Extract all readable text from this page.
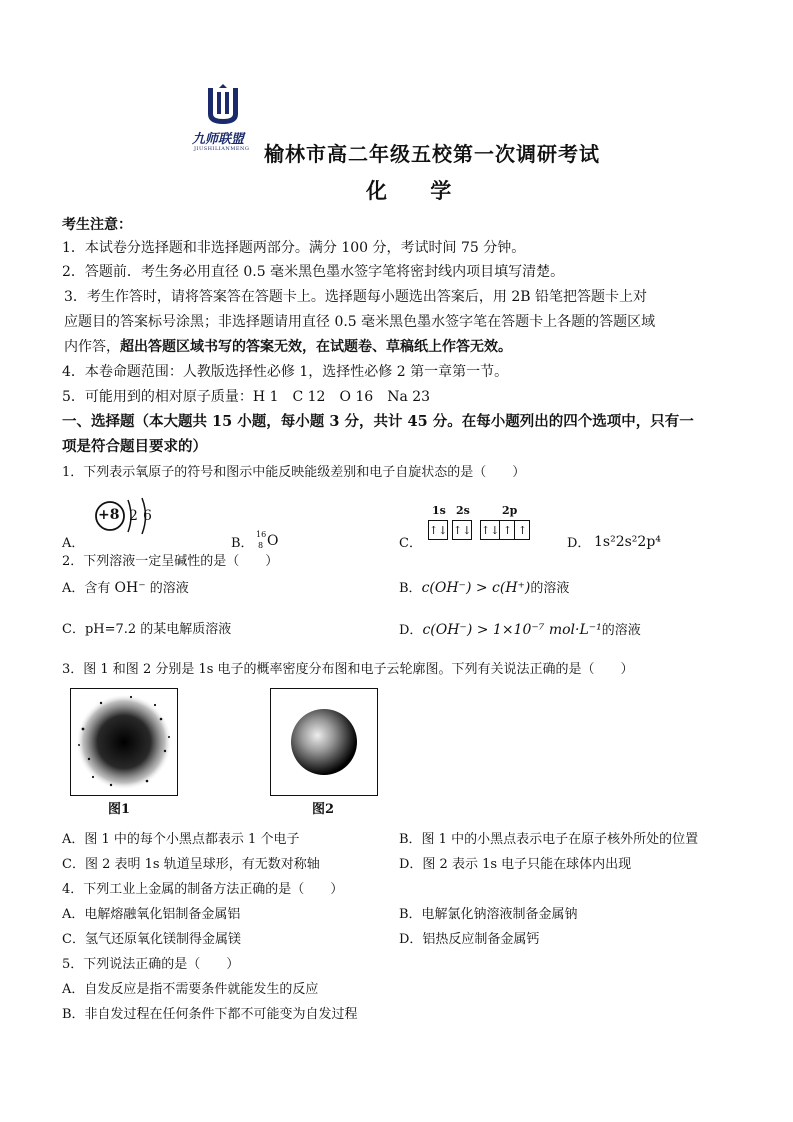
九师联盟
JIUSHILIANMENG 榆林市高二年级五校第一次调研考试
化 学
考生注意：
1．本试卷分选择题和非选择题两部分。满分 100 分，考试时间 75 分钟。
2．答题前．考生务必用直径 0.5 毫米黑色墨水签字笔将密封线内项目填写清楚。
3．考生作答时，请将答案答在答题卡上。选择题每小题选出答案后，用 2B 铅笔把答题卡上对
应题目的答案标号涂黑；非选择题请用直径 0.5 毫米黑色墨水签字笔在答题卡上各题的答题区域
内作答，超出答题区域书写的答案无效，在试题卷、草稿纸上作答无效。
4．本卷命题范围：人教版选择性必修 1，选择性必修 2 第一章第一节。
5．可能用到的相对原子质量：H 1　C 12　O 16　Na 23
一、选择题（本大题共 15 小题，每小题 3 分，共计 45 分。在每小题列出的四个选项中，只有一
项是符合题目要求的）
1．下列表示氧原子的符号和图示中能反映能级差别和电子自旋状态的是（　　）
A．
+8 2 6
B．
16
8 O	C．
1s 2s	2p
↑↓ ↑↓ ↑↓	↑	↑
D． 1s²2s²2p⁴
2．下列溶液一定呈碱性的是（　　）
A．含有 OH⁻ 的溶液	B．c(OH⁻) > c(H⁺)的溶液
C．pH=7.2 的某电解质溶液	D．c(OH⁻) > 1×10⁻⁷ mol·L⁻¹的溶液
3．图 1 和图 2 分别是 1s 电子的概率密度分布图和电子云轮廓图。下列有关说法正确的是（　　）
图1	图2
A．图 1 中的每个小黑点都表示 1 个电子	B．图 1 中的小黑点表示电子在原子核外所处的位置
C．图 2 表明 1s 轨道呈球形，有无数对称轴	D．图 2 表示 1s 电子只能在球体内出现
4．下列工业上金属的制备方法正确的是（　　）
A．电解熔融氧化铝制备金属铝	B．电解氯化钠溶液制备金属钠
C．氢气还原氧化镁制得金属镁	D．铝热反应制备金属钙
5．下列说法正确的是（　　）
A．自发反应是指不需要条件就能发生的反应
B．非自发过程在任何条件下都不可能变为自发过程
